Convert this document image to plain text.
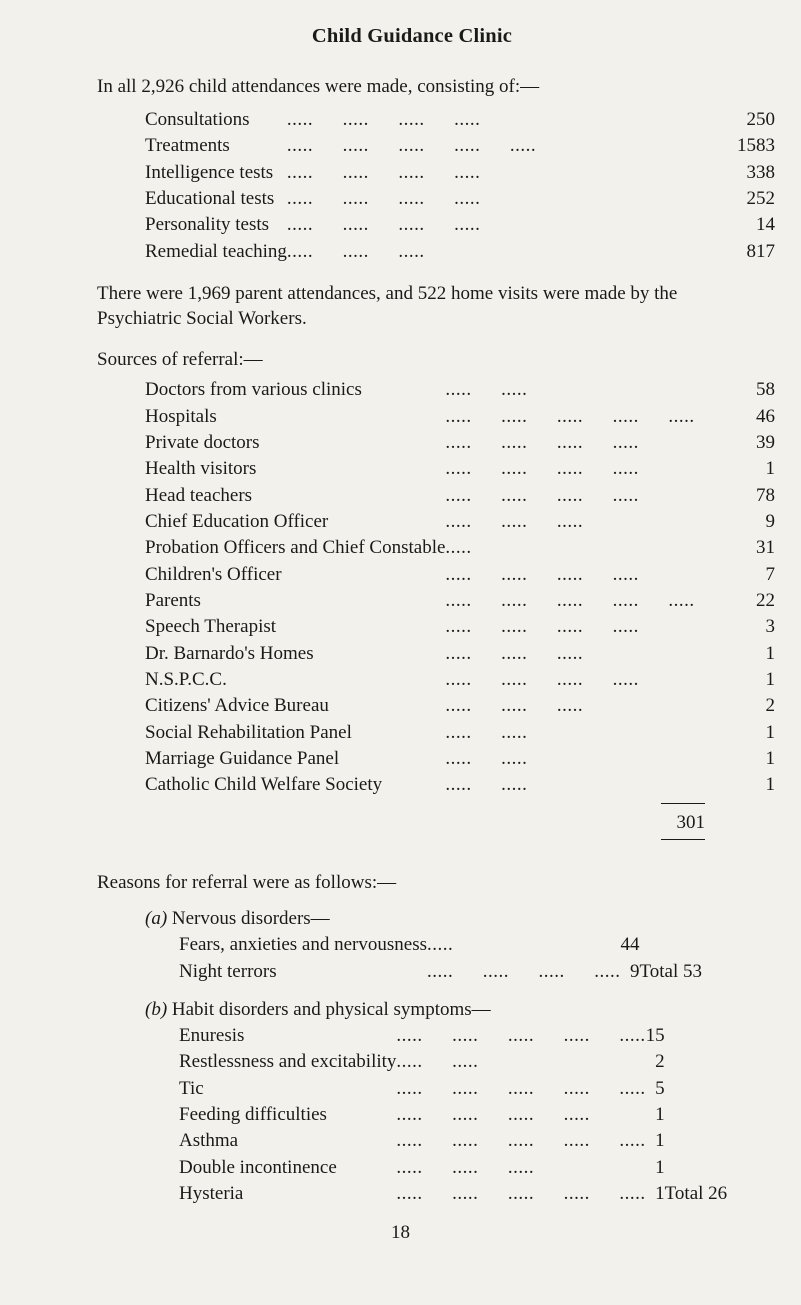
Child Guidance Clinic

In all 2,926 child attendances were made, consisting of:—

Consultations	.....  .....  .....  .....	250
Treatments	.....  .....  .....  .....  .....	1583
Intelligence tests	.....  .....  .....  .....	338
Educational tests	.....  .....  .....  .....	252
Personality tests	.....  .....  .....  .....	14
Remedial teaching	.....  .....  .....	817

There were 1,969 parent attendances, and 522 home visits were made by the Psychiatric Social Workers.

Sources of referral:—
Doctors from various clinics	.....  .....	58
Hospitals	.....  .....  .....  .....  .....	46
Private doctors	.....  .....  .....  .....	39
Health visitors	.....  .....  .....  .....	1
Head teachers	.....  .....  .....  .....	78
Chief Education Officer	.....  .....  .....	9
Probation Officers and Chief Constable	.....	31
Children's Officer	.....  .....  .....  .....	7
Parents	.....  .....  .....  .....  .....	22
Speech Therapist	.....  .....  .....  .....	3
Dr. Barnardo's Homes	.....  .....  .....	1
N.S.P.C.C.	.....  .....  .....  .....	1
Citizens' Advice Bureau	.....  .....  .....	2
Social Rehabilitation Panel	.....  .....	1
Marriage Guidance Panel	.....  .....	1
Catholic Child Welfare Society	.....  .....	1
301
Reasons for referral were as follows:—
(a) Nervous disorders—
Fears, anxieties and nervousness	.....	44	
Night terrors	.....  .....  .....  .....	9	Total 53
(b) Habit disorders and physical symptoms—
Enuresis	.....  .....  .....  .....  .....	15	
Restlessness and excitability	.....  .....	2	
Tic	.....  .....  .....  .....  .....	5	
Feeding difficulties	.....  .....  .....  .....	1	
Asthma	.....  .....  .....  .....  .....	1	
Double incontinence	.....  .....  .....	1	
Hysteria	.....  .....  .....  .....  .....	1	Total 26
18
